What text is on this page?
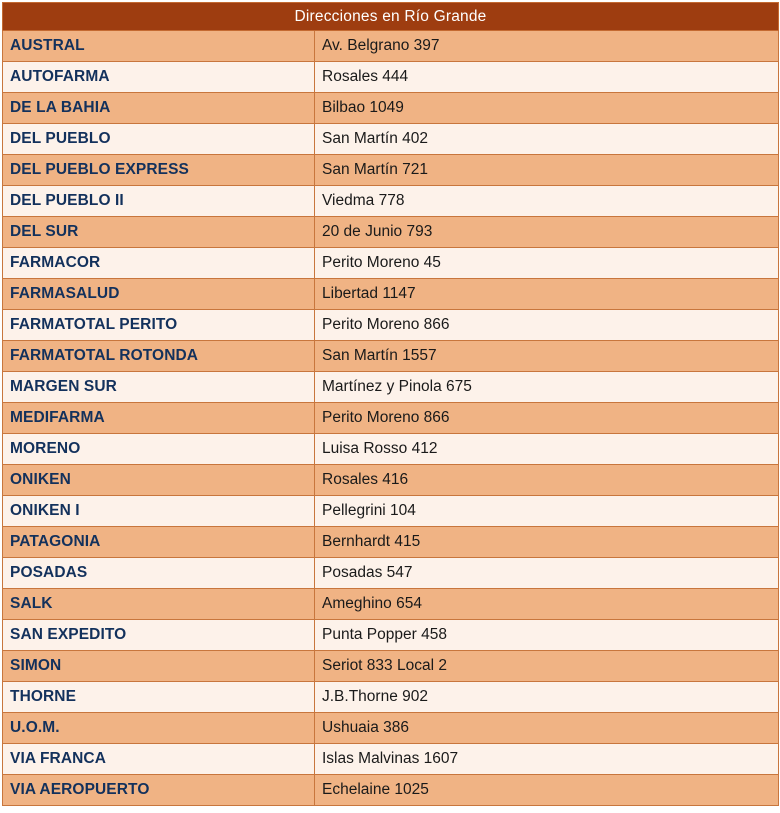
Direcciones en Río Grande	
AUSTRAL	Av. Belgrano 397
AUTOFARMA	Rosales 444
DE LA BAHIA	Bilbao 1049
DEL PUEBLO	San Martín 402
DEL PUEBLO EXPRESS	San Martín 721
DEL PUEBLO II	Viedma 778
DEL SUR	20 de Junio 793
FARMACOR	Perito Moreno 45
FARMASALUD	Libertad 1147
FARMATOTAL PERITO	Perito Moreno 866
FARMATOTAL ROTONDA	San Martín 1557
MARGEN SUR	Martínez y Pinola 675
MEDIFARMA	Perito Moreno 866
MORENO	Luisa Rosso 412
ONIKEN	Rosales 416
ONIKEN I	Pellegrini 104
PATAGONIA	Bernhardt 415
POSADAS	Posadas 547
SALK	Ameghino 654
SAN EXPEDITO	Punta Popper 458
SIMON	Seriot 833 Local 2
THORNE	J.B.Thorne 902
U.O.M.	Ushuaia 386
VIA FRANCA	Islas Malvinas 1607
VIA AEROPUERTO	Echelaine 1025
